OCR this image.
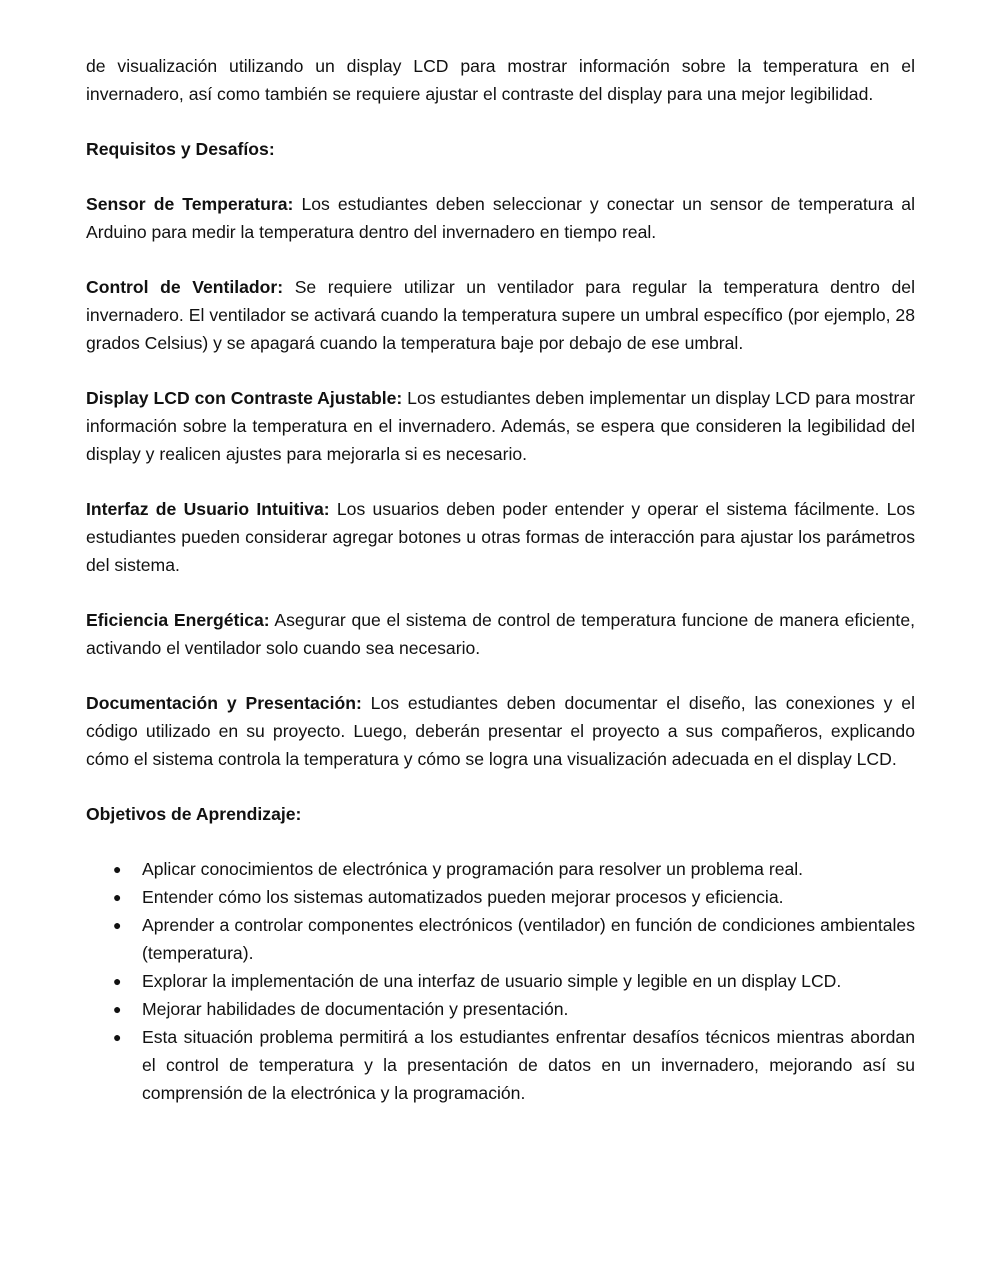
de visualización utilizando un display LCD para mostrar información sobre la temperatura en el invernadero, así como también se requiere ajustar el contraste del display para una mejor legibilidad.

Requisitos y Desafíos:

Sensor de Temperatura: Los estudiantes deben seleccionar y conectar un sensor de temperatura al Arduino para medir la temperatura dentro del invernadero en tiempo real.

Control de Ventilador: Se requiere utilizar un ventilador para regular la temperatura dentro del invernadero. El ventilador se activará cuando la temperatura supere un umbral específico (por ejemplo, 28 grados Celsius) y se apagará cuando la temperatura baje por debajo de ese umbral.

Display LCD con Contraste Ajustable: Los estudiantes deben implementar un display LCD para mostrar información sobre la temperatura en el invernadero. Además, se espera que consideren la legibilidad del display y realicen ajustes para mejorarla si es necesario.

Interfaz de Usuario Intuitiva: Los usuarios deben poder entender y operar el sistema fácilmente. Los estudiantes pueden considerar agregar botones u otras formas de interacción para ajustar los parámetros del sistema.

Eficiencia Energética: Asegurar que el sistema de control de temperatura funcione de manera eficiente, activando el ventilador solo cuando sea necesario.

Documentación y Presentación: Los estudiantes deben documentar el diseño, las conexiones y el código utilizado en su proyecto. Luego, deberán presentar el proyecto a sus compañeros, explicando cómo el sistema controla la temperatura y cómo se logra una visualización adecuada en el display LCD.

Objetivos de Aprendizaje:

● Aplicar conocimientos de electrónica y programación para resolver un problema real.
● Entender cómo los sistemas automatizados pueden mejorar procesos y eficiencia.
● Aprender a controlar componentes electrónicos (ventilador) en función de condiciones ambientales (temperatura).
● Explorar la implementación de una interfaz de usuario simple y legible en un display LCD.
● Mejorar habilidades de documentación y presentación.
● Esta situación problema permitirá a los estudiantes enfrentar desafíos técnicos mientras abordan el control de temperatura y la presentación de datos en un invernadero, mejorando así su comprensión de la electrónica y la programación.
